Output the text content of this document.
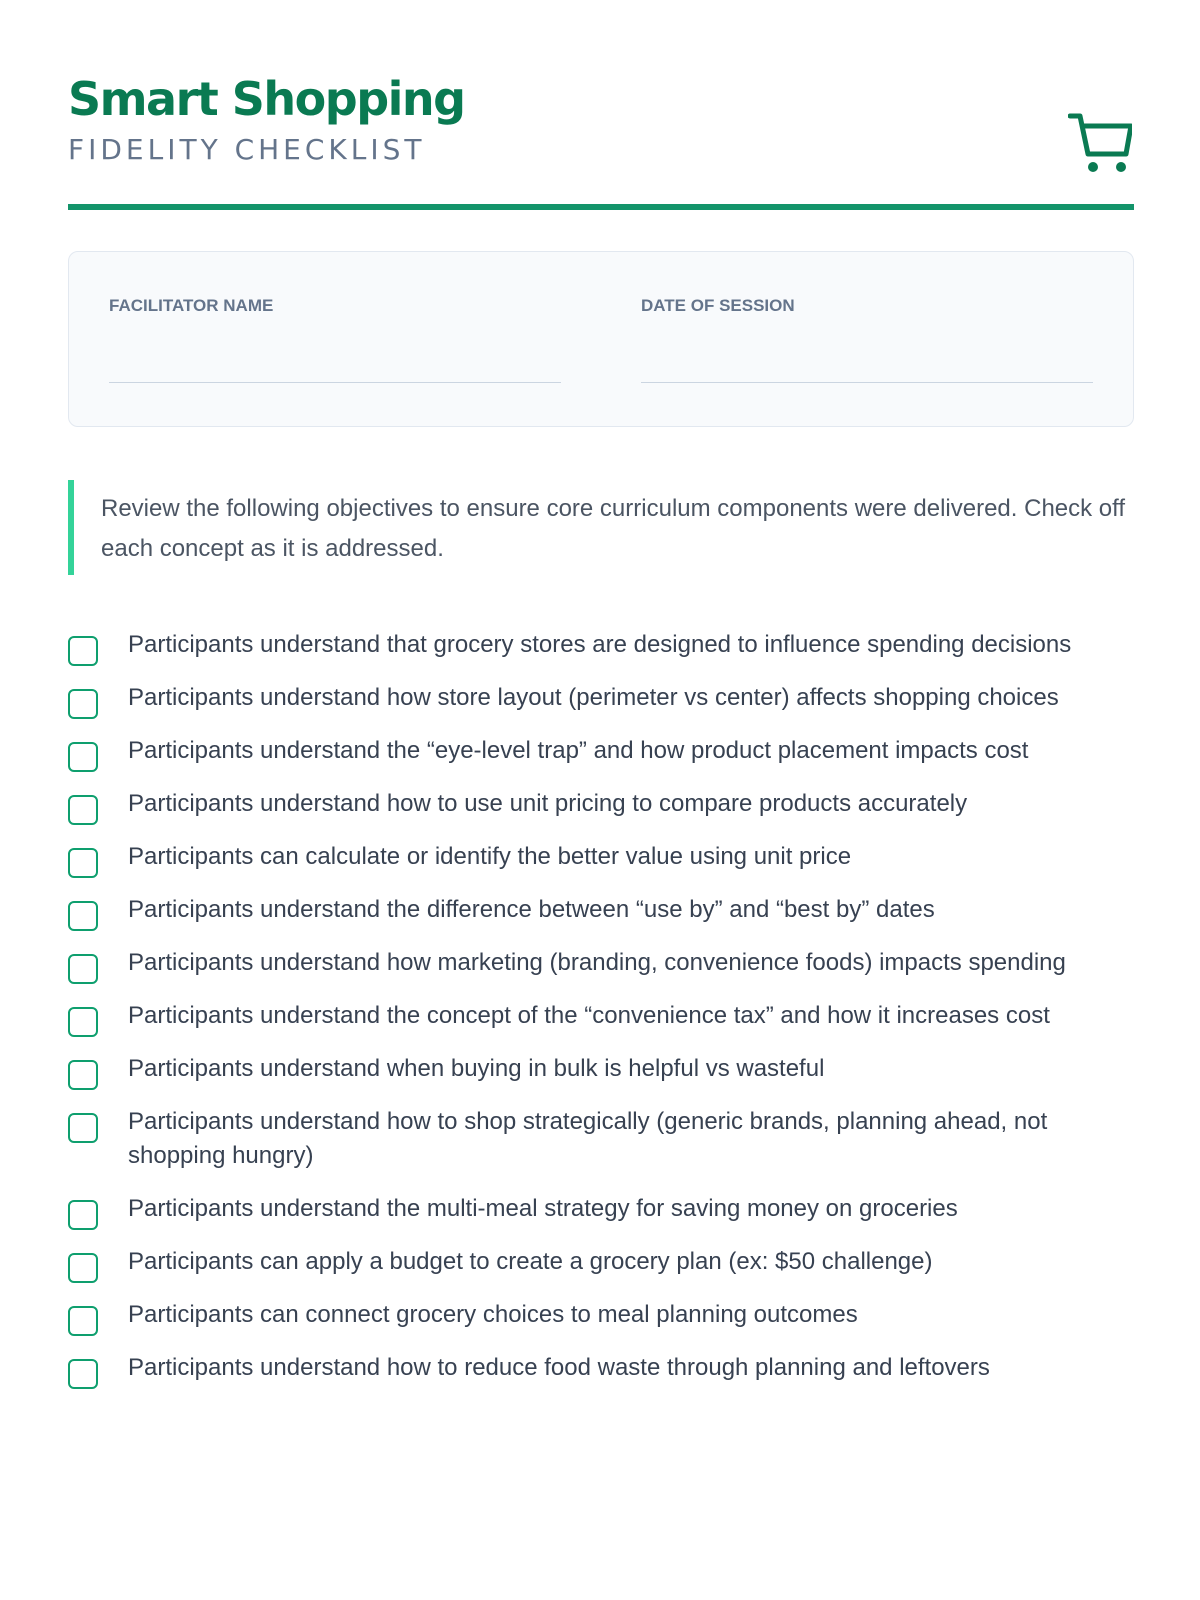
Smart Shopping
FIDELITY CHECKLIST
FACILITATOR NAME	DATE OF SESSION

Review the following objectives to ensure core curriculum components were delivered. Check off each concept as it is addressed.

Participants understand that grocery stores are designed to influence spending decisions
Participants understand how store layout (perimeter vs center) affects shopping choices
Participants understand the “eye-level trap” and how product placement impacts cost
Participants understand how to use unit pricing to compare products accurately
Participants can calculate or identify the better value using unit price
Participants understand the difference between “use by” and “best by” dates
Participants understand how marketing (branding, convenience foods) impacts spending
Participants understand the concept of the “convenience tax” and how it increases cost
Participants understand when buying in bulk is helpful vs wasteful
Participants understand how to shop strategically (generic brands, planning ahead, not shopping hungry)
Participants understand the multi-meal strategy for saving money on groceries
Participants can apply a budget to create a grocery plan (ex: $50 challenge)
Participants can connect grocery choices to meal planning outcomes
Participants understand how to reduce food waste through planning and leftovers
